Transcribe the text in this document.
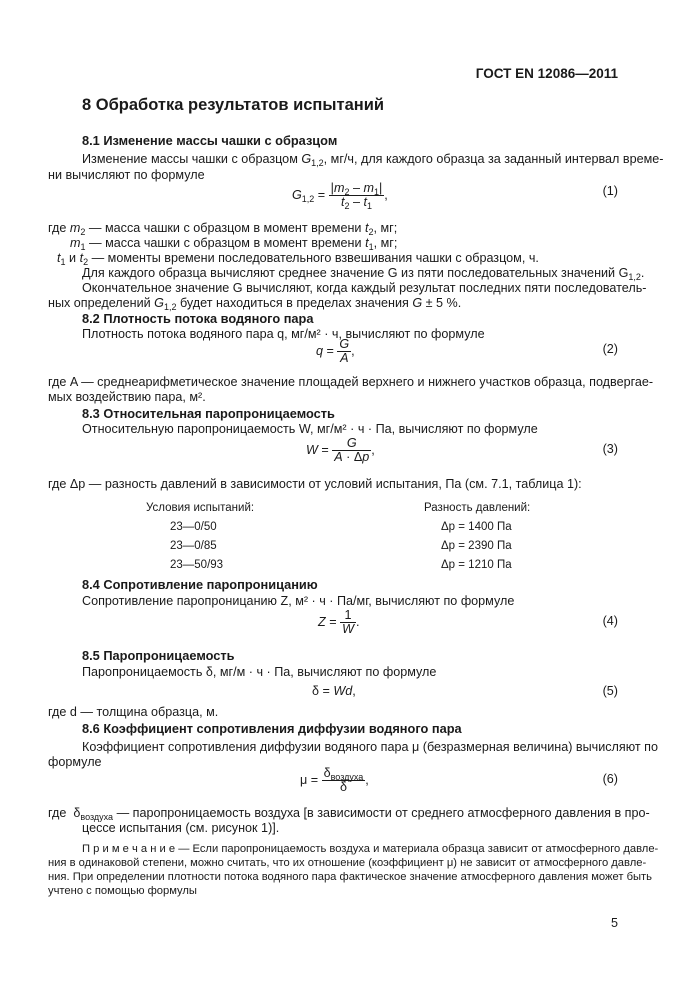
ГОСТ EN 12086—2011
8 Обработка результатов испытаний
8.1 Изменение массы чашки с образцом
Изменение массы чашки с образцом $G_{1,2}$, мг/ч, для каждого образца за заданный интервал време-
ни вычисляют по формуле
$G_{1,2} = \frac{|m_2 - m_1|}{t_2 - t_1}$ ,	(1)
где $m_2$ — масса чашки с образцом в момент времени $t_2$, мг;
$m_1$ — масса чашки с образцом в момент времени $t_1$, мг;
$t_1$ и $t_2$ — моменты времени последовательного взвешивания чашки с образцом, ч.
Для каждого образца вычисляют среднее значение G из пяти последовательных значений $G_{1,2}$.
Окончательное значение G вычисляют, когда каждый результат последних пяти последователь-
ных определений $G_{1,2}$ будет находиться в пределах значения G ± 5 %.
8.2 Плотность потока водяного пара
Плотность потока водяного пара q, мг/м² · ч, вычисляют по формуле
$q = \frac{G}{A}$ ,	(2)
где A — среднеарифметическое значение площадей верхнего и нижнего участков образца, подвергае-
мых воздействию пара, м².
8.3 Относительная паропроницаемость
Относительную паропроницаемость W, мг/м² · ч · Па, вычисляют по формуле
$W = \frac{G}{A \cdot \Delta p}$ ,	(3)
где Δp — разность давлений в зависимости от условий испытания, Па (см. 7.1, таблица 1):
Условия испытаний:	Разность давлений:
23—0/50	Δp = 1400 Па
23—0/85	Δp = 2390 Па
23—50/93	Δp = 1210 Па
8.4 Сопротивление паропроницанию
Сопротивление паропроницанию Z, м² · ч · Па/мг, вычисляют по формуле
$Z = \frac{1}{W}$ .	(4)
8.5 Паропроницаемость
Паропроницаемость δ, мг/м · ч · Па, вычисляют по формуле
δ = Wd,	(5)
где d — толщина образца, м.
8.6 Коэффициент сопротивления диффузии водяного пара
Коэффициент сопротивления диффузии водяного пара μ (безразмерная величина) вычисляют по
формуле
$\mu = \frac{\delta_{воздуха}}{\delta}$ ,	(6)
где  $\delta_{воздуха}$ — паропроницаемость воздуха [в зависимости от среднего атмосферного давления в про-
цессе испытания (см. рисунок 1)].
П р и м е ч а н и е — Если паропроницаемость воздуха и материала образца зависит от атмосферного давле-
ния в одинаковой степени, можно считать, что их отношение (коэффициент μ) не зависит от атмосферного давле-
ния. При определении плотности потока водяного пара фактическое значение атмосферного давления может быть
учтено с помощью формулы
5
